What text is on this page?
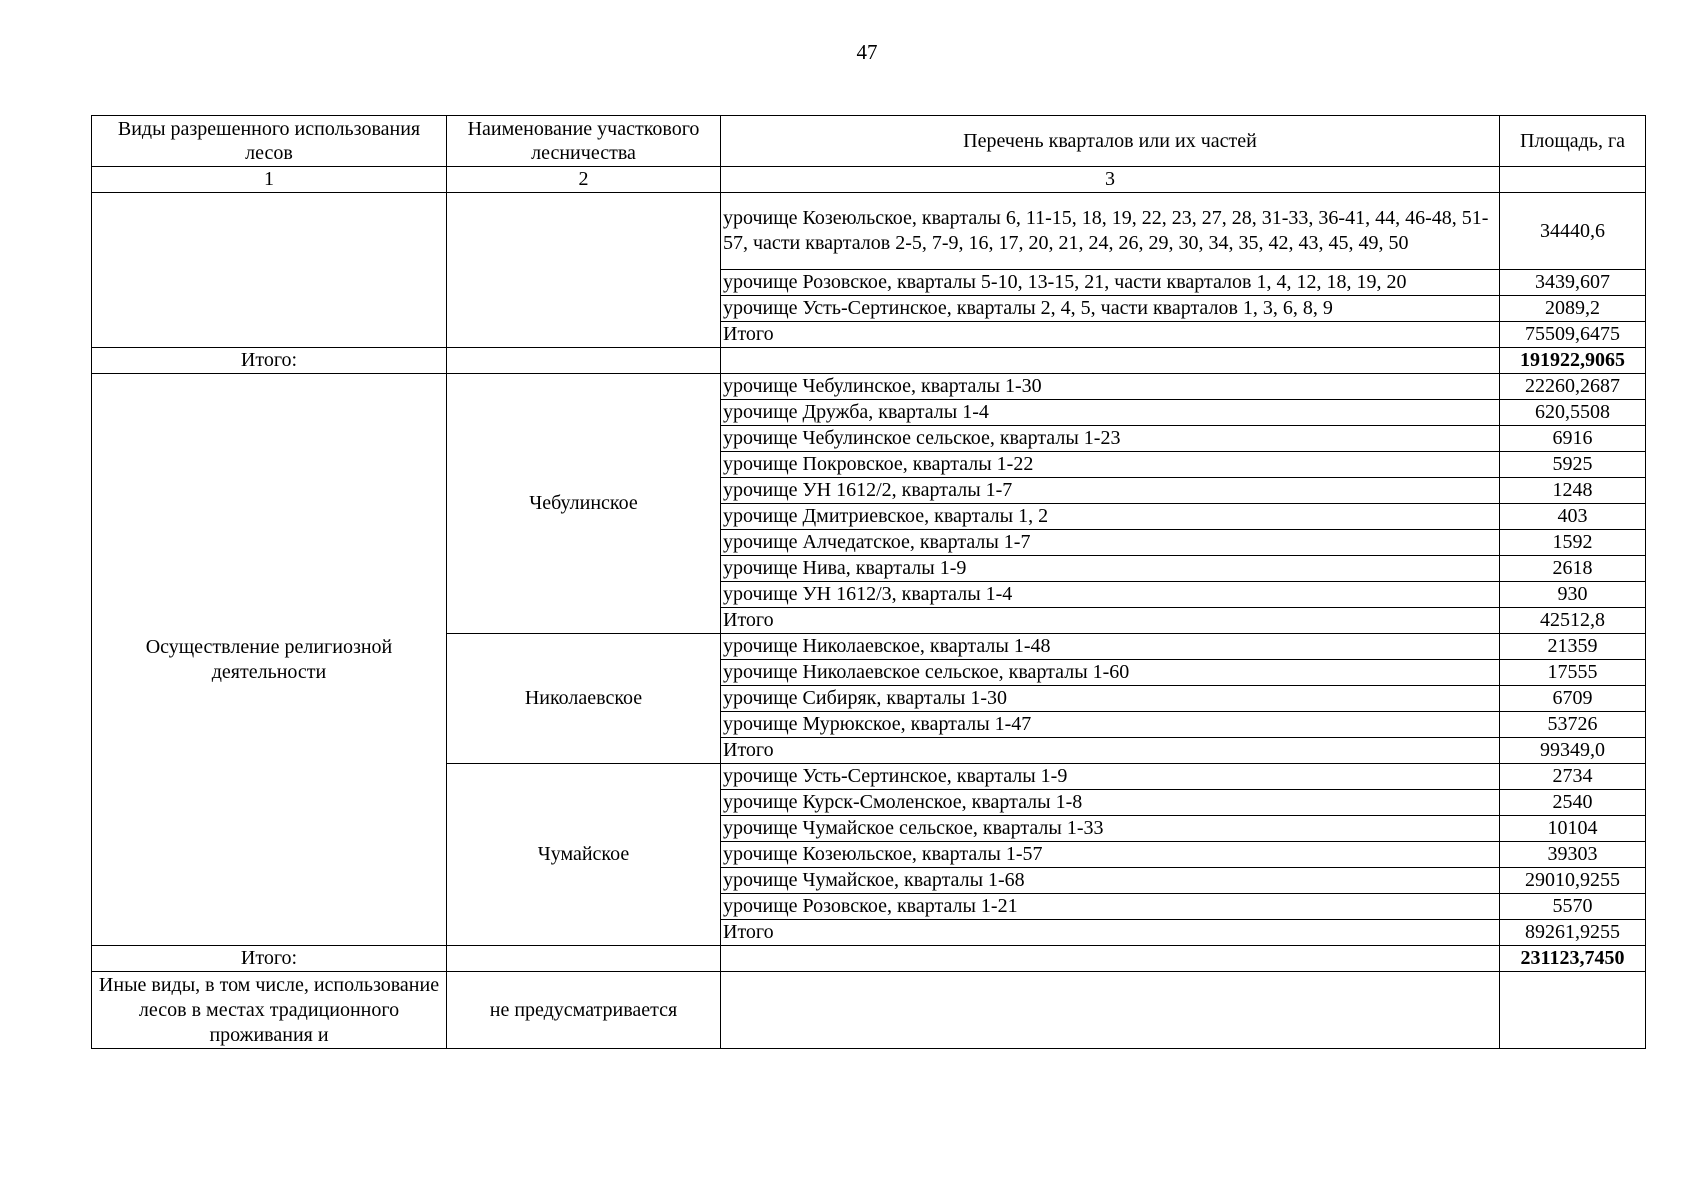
47
Виды разрешенного использования лесов	Наименование участкового лесничества	Перечень кварталов или их частей	Площадь, га
1	2	3	
		урочище Козеюльское, кварталы 6, 11-15, 18, 19, 22, 23, 27, 28, 31-33, 36-41, 44, 46-48, 51-57, части кварталов 2-5, 7-9, 16, 17, 20, 21, 24, 26, 29, 30, 34, 35, 42, 43, 45, 49, 50	34440,6
		урочище Розовское, кварталы 5-10, 13-15, 21, части кварталов 1, 4, 12, 18, 19, 20	3439,607
		урочище Усть-Сертинское, кварталы 2, 4, 5, части кварталов 1, 3, 6, 8, 9	2089,2
		Итого	75509,6475
Итого:			191922,9065
Осуществление религиозной деятельности	Чебулинское	урочище Чебулинское, кварталы 1-30	22260,2687
		урочище Дружба, кварталы 1-4	620,5508
		урочище Чебулинское сельское, кварталы 1-23	6916
		урочище Покровское, кварталы 1-22	5925
		урочище УН 1612/2, кварталы 1-7	1248
		урочище Дмитриевское, кварталы 1, 2	403
		урочище Алчедатское, кварталы 1-7	1592
		урочище Нива, кварталы 1-9	2618
		урочище УН 1612/3, кварталы 1-4	930
		Итого	42512,8
	Николаевское	урочище Николаевское, кварталы 1-48	21359
		урочище Николаевское сельское, кварталы 1-60	17555
		урочище Сибиряк, кварталы 1-30	6709
		урочище Мурюкское, кварталы 1-47	53726
		Итого	99349,0
	Чумайское	урочище Усть-Сертинское, кварталы 1-9	2734
		урочище Курск-Смоленское, кварталы 1-8	2540
		урочище Чумайское сельское, кварталы 1-33	10104
		урочище Козеюльское, кварталы 1-57	39303
		урочище Чумайское, кварталы 1-68	29010,9255
		урочище Розовское, кварталы 1-21	5570
		Итого	89261,9255
Итого:			231123,7450
Иные виды, в том числе, использование лесов в местах традиционного проживания и	не предусматривается		
